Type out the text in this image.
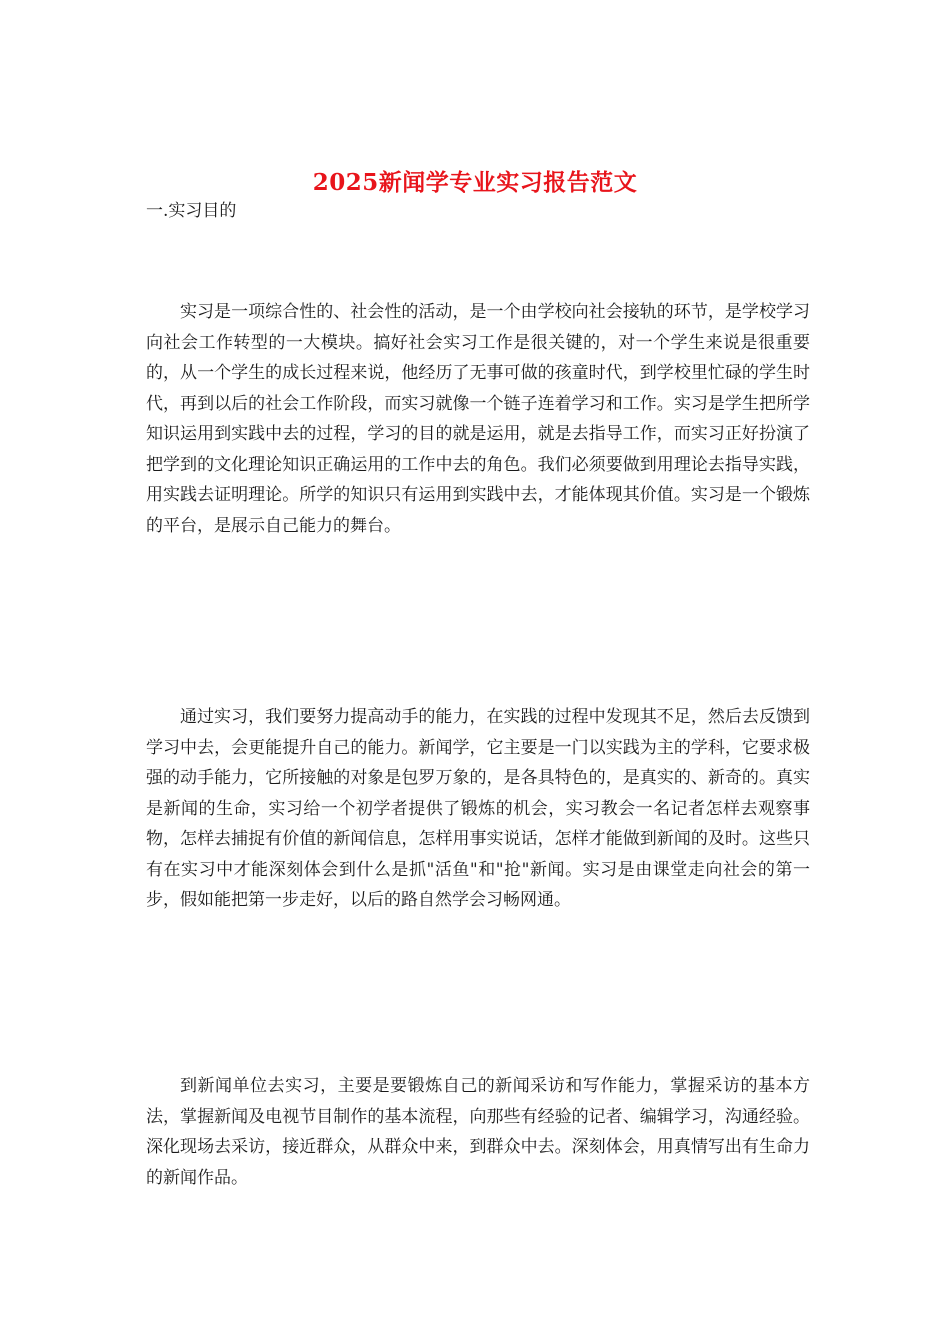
2025新闻学专业实习报告范文

一.实习目的

实习是一项综合性的、社会性的活动，是一个由学校向社会接轨的环节，是学校学习向社会工作转型的一大模块。搞好社会实习工作是很关键的，对一个学生来说是很重要的，从一个学生的成长过程来说，他经历了无事可做的孩童时代，到学校里忙碌的学生时代，再到以后的社会工作阶段，而实习就像一个链子连着学习和工作。实习是学生把所学知识运用到实践中去的过程，学习的目的就是运用，就是去指导工作，而实习正好扮演了把学到的文化理论知识正确运用的工作中去的角色。我们必须要做到用理论去指导实践，用实践去证明理论。所学的知识只有运用到实践中去，才能体现其价值。实习是一个锻炼的平台，是展示自己能力的舞台。

通过实习，我们要努力提高动手的能力，在实践的过程中发现其不足，然后去反馈到学习中去，会更能提升自己的能力。新闻学，它主要是一门以实践为主的学科，它要求极强的动手能力，它所接触的对象是包罗万象的，是各具特色的，是真实的、新奇的。真实是新闻的生命，实习给一个初学者提供了锻炼的机会，实习教会一名记者怎样去观察事物，怎样去捕捉有价值的新闻信息，怎样用事实说话，怎样才能做到新闻的及时。这些只有在实习中才能深刻体会到什么是抓"活鱼"和"抢"新闻。实习是由课堂走向社会的第一步，假如能把第一步走好，以后的路自然学会习畅网通。

到新闻单位去实习，主要是要锻炼自己的新闻采访和写作能力，掌握采访的基本方法，掌握新闻及电视节目制作的基本流程，向那些有经验的记者、编辑学习，沟通经验。深化现场去采访，接近群众，从群众中来，到群众中去。深刻体会，用真情写出有生命力的新闻作品。
